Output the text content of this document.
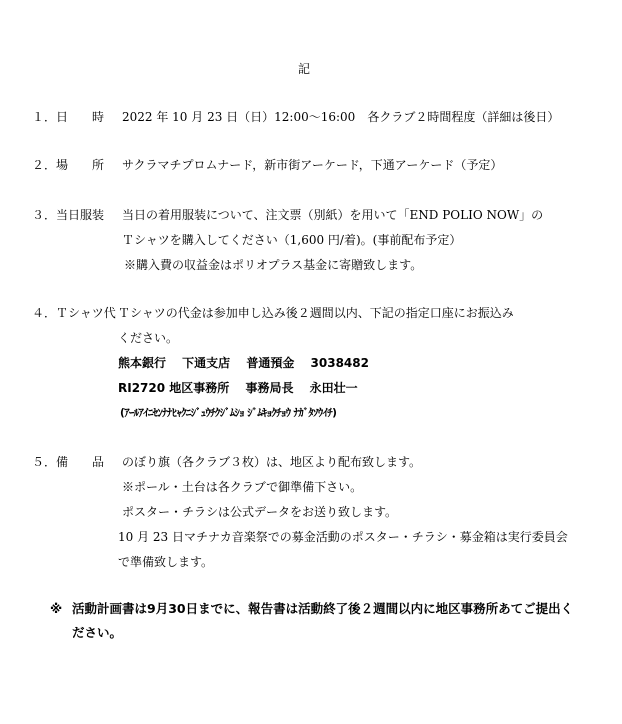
記
１．日　　時 2022 年 10 月 23 日（日）12:00～16:00　各クラブ２時間程度（詳細は後日）
２．場　　所 サクラマチプロムナード，新市街アーケード，下通アーケード（予定）
３．当日服装 当日の着用服装について、注文票（別紙）を用いて「END POLIO NOW」の
Ｔシャツを購入してください（1,600 円/着)。(事前配布予定）
※購入費の収益金はポリオプラス基金に寄贈致します。
４．Ｔシャツ代 Ｔシャツの代金は参加申し込み後２週間以内、下記の指定口座にお振込み
ください。
熊本銀行　 下通支店　 普通預金　 3038482
RI2720 地区事務所　 事務局長　 永田壮一
(ｱｰﾙｱｲﾆｾﾝﾅﾅﾋｬｸﾆｼﾞｭｳﾁｸｼﾞﾑｼｮ ｼﾞﾑｷｮｸﾁｮｳ ﾅｶﾞﾀｿｳｲﾁ)
５．備　　品 のぼり旗（各クラブ３枚）は、地区より配布致します。
※ポール・土台は各クラブで御準備下さい。
ポスター・チラシは公式データをお送り致します。
10 月 23 日マチナカ音楽祭での募金活動のポスター・チラシ・募金箱は実行委員会
で準備致します。
※ 活動計画書は9月30日までに、報告書は活動終了後２週間以内に地区事務所あてご提出く
ださい。
